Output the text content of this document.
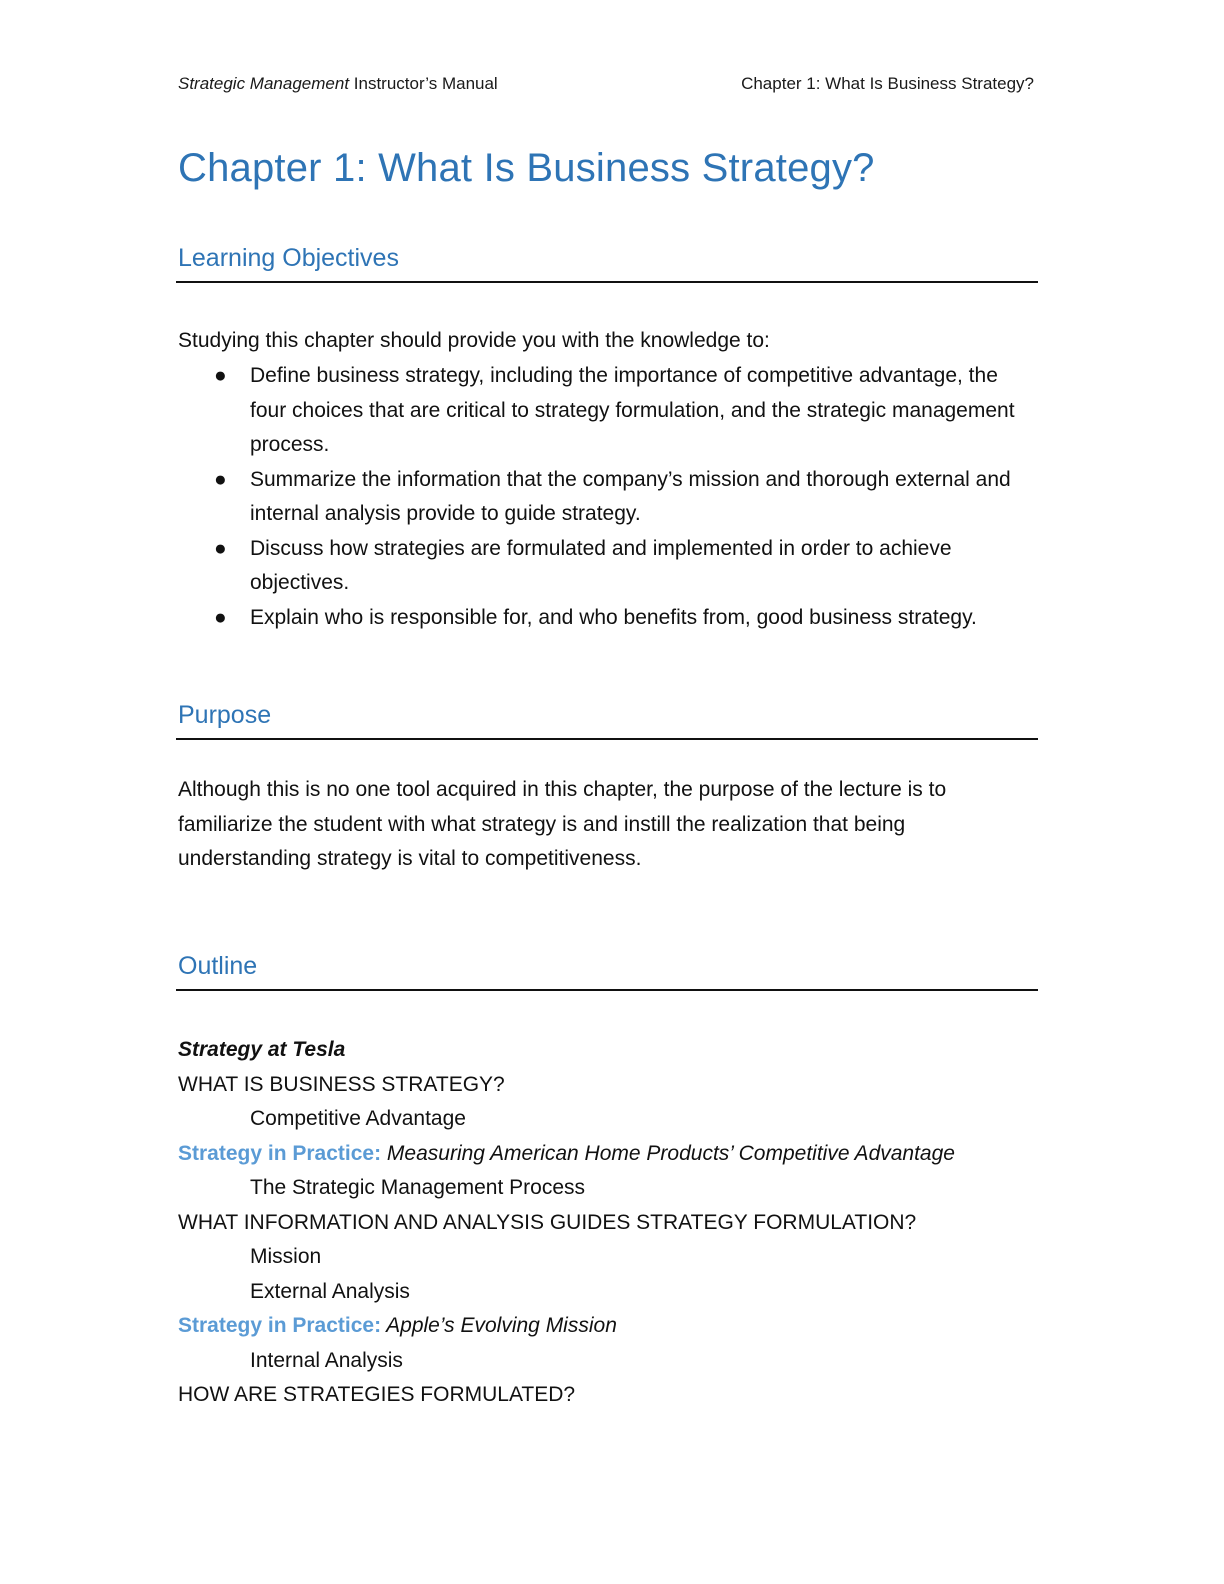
Strategic Management Instructor’s Manual	Chapter 1: What Is Business Strategy?
Chapter 1: What Is Business Strategy?
Learning Objectives

Studying this chapter should provide you with the knowledge to:

● Define business strategy, including the importance of competitive advantage, the four choices that are critical to strategy formulation, and the strategic management process.
● Summarize the information that the company’s mission and thorough external and internal analysis provide to guide strategy.
● Discuss how strategies are formulated and implemented in order to achieve objectives.
● Explain who is responsible for, and who benefits from, good business strategy.
Purpose

Although this is no one tool acquired in this chapter, the purpose of the lecture is to familiarize the student with what strategy is and instill the realization that being understanding strategy is vital to competitiveness.

Outline
Strategy at Tesla
WHAT IS BUSINESS STRATEGY?
Competitive Advantage
Strategy in Practice: Measuring American Home Products’ Competitive Advantage
The Strategic Management Process
WHAT INFORMATION AND ANALYSIS GUIDES STRATEGY FORMULATION?
Mission
External Analysis
Strategy in Practice: Apple’s Evolving Mission
Internal Analysis
HOW ARE STRATEGIES FORMULATED?
